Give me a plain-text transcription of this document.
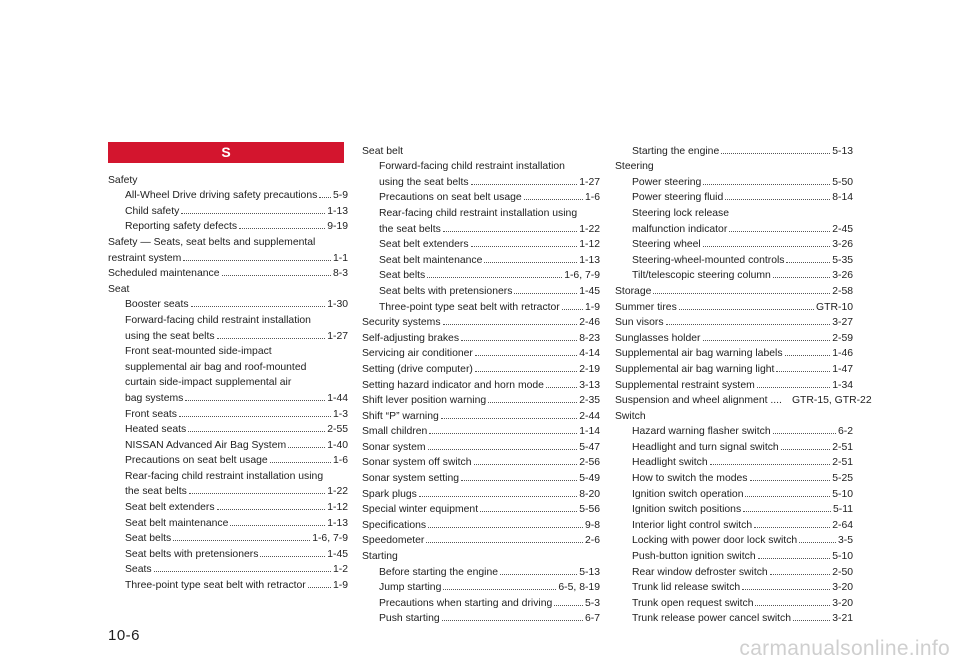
S
Safety
All-Wheel Drive driving safety precautions 5-9
Child safety	1-13
Reporting safety defects	9-19
Safety — Seats, seat belts and supplemental
restraint system	1-1
Scheduled maintenance	8-3
Seat
Booster seats	1-30
Forward-facing child restraint installation
using the seat belts	1-27
Front seat-mounted side-impact
supplemental air bag and roof-mounted
curtain side-impact supplemental air
bag systems	1-44
Front seats	1-3
Heated seats	2-55
NISSAN Advanced Air Bag System	1-40
Precautions on seat belt usage	1-6
Rear-facing child restraint installation using
the seat belts	1-22
Seat belt extenders	1-12
Seat belt maintenance	1-13
Seat belts	1-6, 7-9
Seat belts with pretensioners	1-45
Seats	1-2
Three-point type seat belt with retractor	1-9
Seat belt
Forward-facing child restraint installation
using the seat belts	1-27
Precautions on seat belt usage	1-6
Rear-facing child restraint installation using
the seat belts	1-22
Seat belt extenders	1-12
Seat belt maintenance	1-13
Seat belts	1-6, 7-9
Seat belts with pretensioners	1-45
Three-point type seat belt with retractor 1-9
Security systems	2-46
Self-adjusting brakes	8-23
Servicing air conditioner	4-14
Setting (drive computer)	2-19
Setting hazard indicator and horn mode	3-13
Shift lever position warning	2-35
Shift “P” warning	2-44
Small children	1-14
Sonar system	5-47
Sonar system off switch	2-56
Sonar system setting	5-49
Spark plugs	8-20
Special winter equipment	5-56
Specifications	9-8
Speedometer	2-6
Starting
Before starting the engine	5-13
Jump starting	6-5, 8-19
Precautions when starting and driving	5-3
Push starting	6-7
Starting the engine	5-13
Steering
Power steering	5-50
Power steering fluid	8-14
Steering lock release
malfunction indicator	2-45
Steering wheel	3-26
Steering-wheel-mounted controls	5-35
Tilt/telescopic steering column	3-26
Storage	2-58
Summer tires	GTR-10
Sun visors	3-27
Sunglasses holder	2-59
Supplemental air bag warning labels	1-46
Supplemental air bag warning light	1-47
Supplemental restraint system	1-34
Suspension and wheel alignment .... GTR-15, GTR-22
Switch
Hazard warning flasher switch	6-2
Headlight and turn signal switch	2-51
Headlight switch	2-51
How to switch the modes	5-25
Ignition switch operation	5-10
Ignition switch positions	5-11
Interior light control switch	2-64
Locking with power door lock switch	3-5
Push-button ignition switch	5-10
Rear window defroster switch	2-50
Trunk lid release switch	3-20
Trunk open request switch	3-20
Trunk release power cancel switch	3-21
10-6
carmanualsonline.info
